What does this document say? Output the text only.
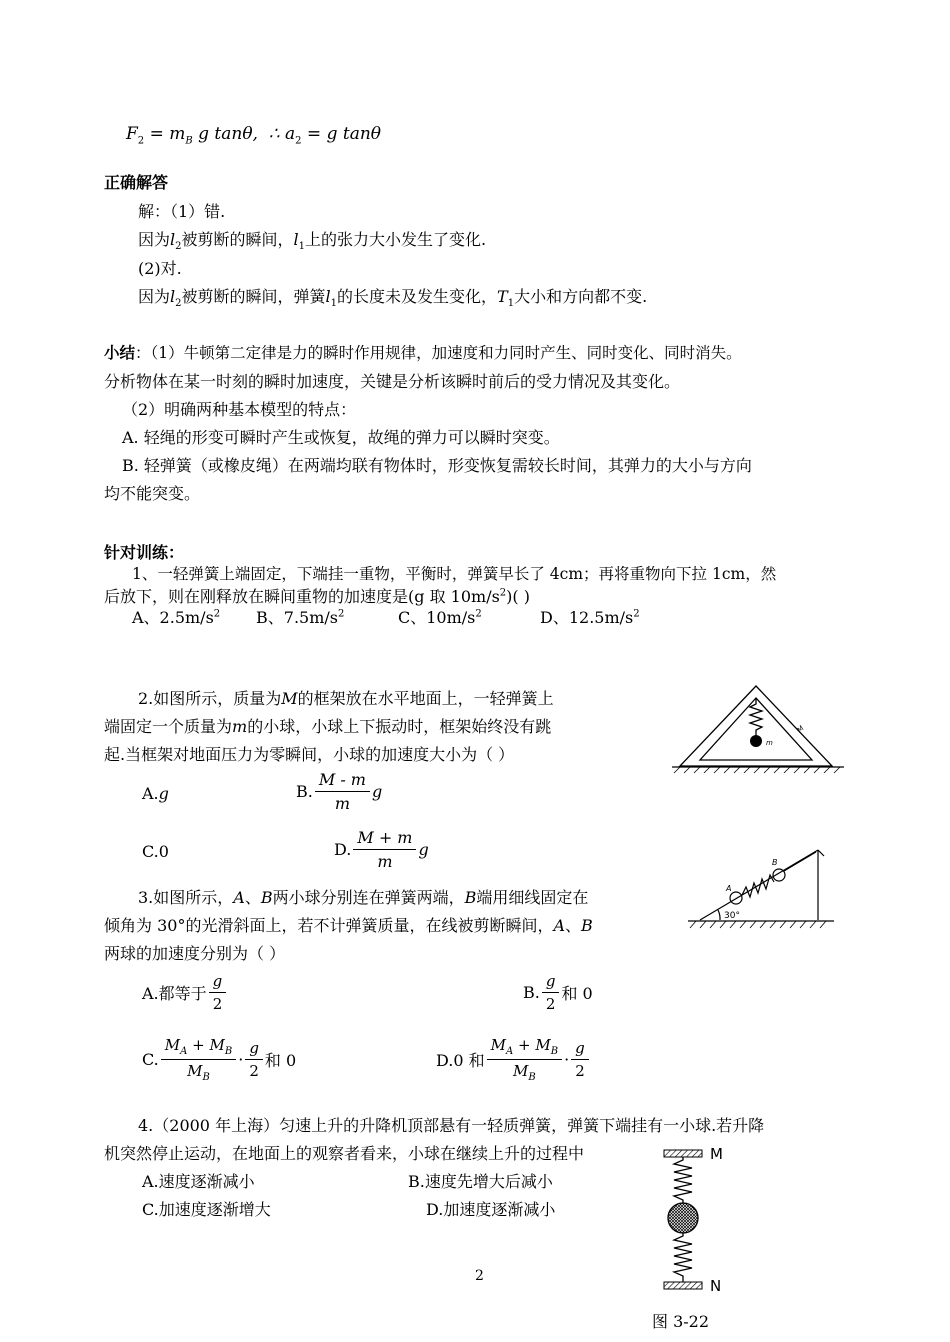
$F_2 = m_B$ g tanθ, ∴ $a_2 = g$ tanθ
正确解答
解：（1）错.
因为$l_2$被剪断的瞬间，$l_1$上的张力大小发生了变化.
(2)对.
因为$l_2$被剪断的瞬间，弹簧$l_1$的长度未及发生变化，$T_1$大小和方向都不变.
小结：（1）牛顿第二定律是力的瞬时作用规律，加速度和力同时产生、同时变化、同时消失。
分析物体在某一时刻的瞬时加速度，关键是分析该瞬时前后的受力情况及其变化。
（2）明确两种基本模型的特点：
A. 轻绳的形变可瞬时产生或恢复，故绳的弹力可以瞬时突变。
B. 轻弹簧（或橡皮绳）在两端均联有物体时，形变恢复需较长时间，其弹力的大小与方向
均不能突变。
针对训练：
1、一轻弹簧上端固定，下端挂一重物，平衡时，弹簧早长了 4cm；再将重物向下拉 1cm，然
后放下，则在刚释放在瞬间重物的加速度是(g 取 $10m/s^2$)( )
A、$2.5m/s^2$ B、$7.5m/s^2$	C、$10m/s^2$	D、$12.5m/s^2$
2.如图所示，质量为M的框架放在水平地面上，一轻弹簧上
端固定一个质量为m的小球，小球上下振动时，框架始终没有跳
起.当框架对地面压力为零瞬间，小球的加速度大小为（ ）
A.g	B. $\frac{M - m}{m}$ g
C.0	D. $\frac{M + m}{m}$ g
m
M
3.如图所示，A、B两小球分别连在弹簧两端，B端用细线固定在
倾角为 30°的光滑斜面上，若不计弹簧质量，在线被剪断瞬间，A、B
两球的加速度分别为（ ）
A.都等于 $\frac{g}{2}$	B. $\frac{g}{2}$ 和 0
C. $\frac{M_A + M_B}{M_B} \cdot \frac{g}{2}$ 和 0	D.0 和 $\frac{M_A + M_B}{M_B} \cdot \frac{g}{2}$
30°
A
B
4.（2000 年上海）匀速上升的升降机顶部悬有一轻质弹簧，弹簧下端挂有一小球.若升降
机突然停止运动，在地面上的观察者看来，小球在继续上升的过程中
A.速度逐渐减小	B.速度先增大后减小
C.加速度逐渐增大	D.加速度逐渐减小
M
N
图 3-22
2
